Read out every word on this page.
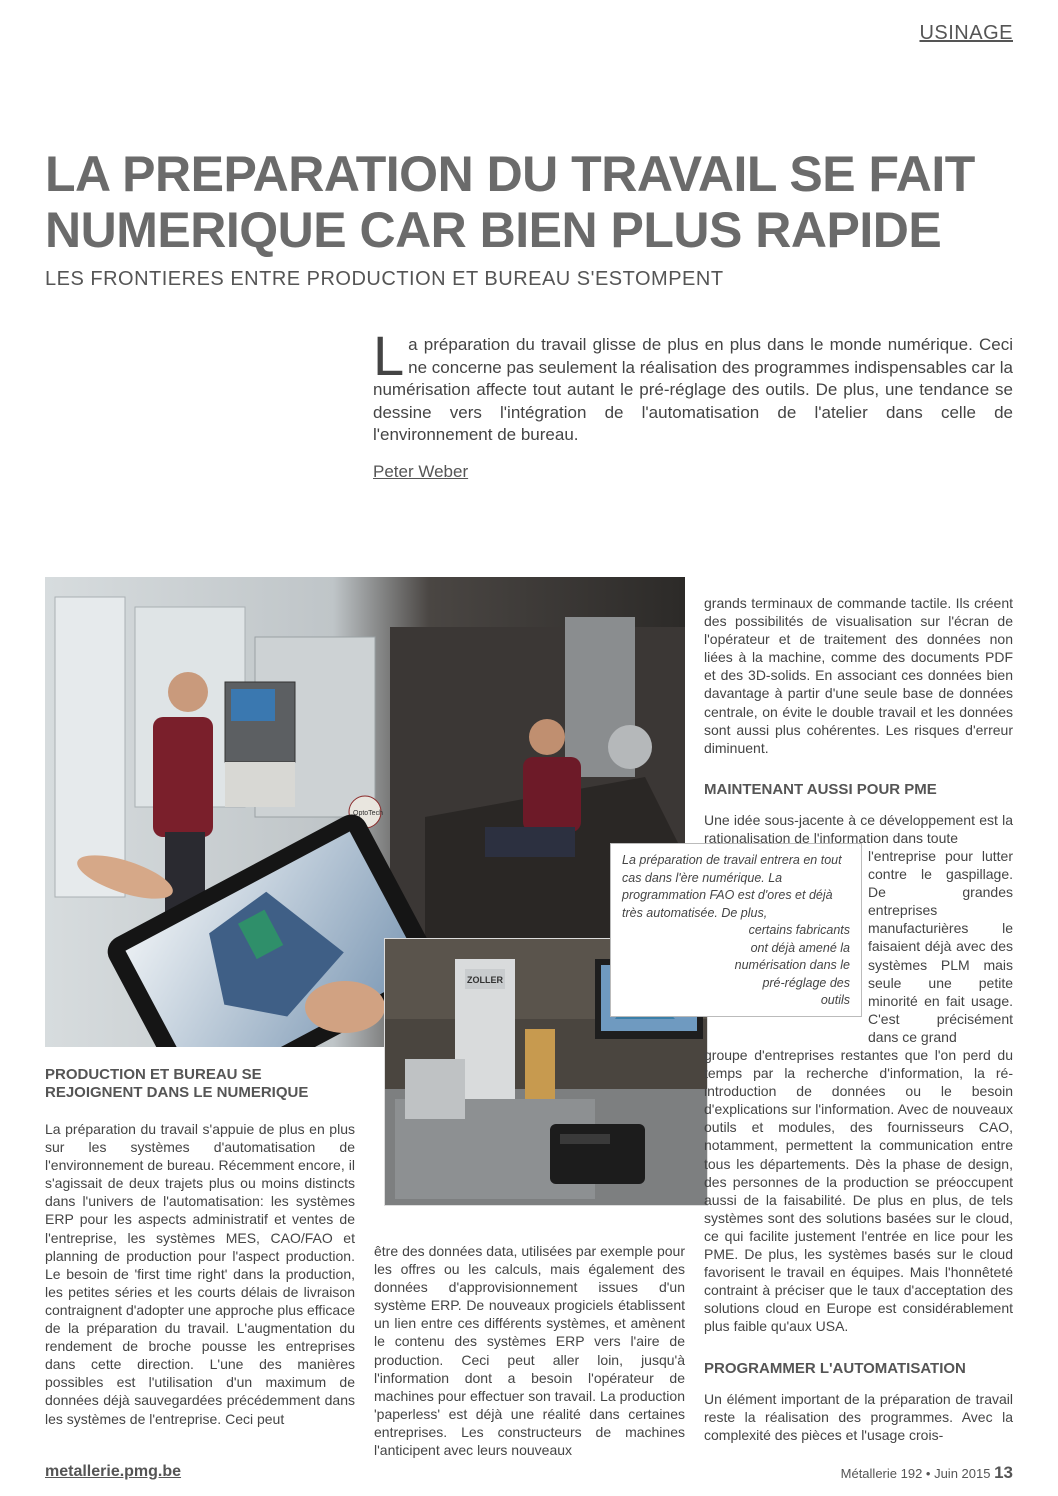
USINAGE
LA PREPARATION DU TRAVAIL SE FAIT
NUMERIQUE CAR BIEN PLUS RAPIDE
LES FRONTIERES ENTRE PRODUCTION ET BUREAU S'ESTOMPENT

La préparation du travail glisse de plus en plus dans le monde numérique. Ceci ne concerne pas seulement la réalisation des programmes indispensables car la numérisation affecte tout autant le pré-réglage des outils. De plus, une tendance se dessine vers l'intégration de l'automatisation de l'atelier dans celle de l'environnement de bureau.

Peter Weber
OptoTech
ZOLLER

La préparation de travail entrera en tout cas dans l'ère numérique. La programmation FAO est d'ores et déjà très automatisée. De plus,

certains fabricants ont déjà amené la numérisation dans le pré-réglage des outils

PRODUCTION ET BUREAU SE REJOIGNENT DANS LE NUMERIQUE

La préparation du travail s'appuie de plus en plus sur les systèmes d'automatisation de l'environnement de bureau. Récemment encore, il s'agissait de deux trajets plus ou moins distincts dans l'univers de l'automatisation: les systèmes ERP pour les aspects administratif et ventes de l'entreprise, les systèmes MES, CAO/FAO et planning de production pour l'aspect production. Le besoin de 'first time right' dans la production, les petites séries et les courts délais de livraison contraignent d'adopter une approche plus efficace de la préparation du travail. L'augmentation du rendement de broche pousse les entreprises dans cette direction. L'une des manières possibles est l'utilisation d'un maximum de données déjà sauvegardées précédemment dans les systèmes de l'entreprise. Ceci peut

être des données data, utilisées par exemple pour les offres ou les calculs, mais également des données d'approvisionnement issues d'un système ERP. De nouveaux progiciels établissent un lien entre ces différents systèmes, et amènent le contenu des systèmes ERP vers l'aire de production. Ceci peut aller loin, jusqu'à l'information dont a besoin l'opérateur de machines pour effectuer son travail. La production 'paperless' est déjà une réalité dans certaines entreprises. Les constructeurs de machines l'anticipent avec leurs nouveaux

grands terminaux de commande tactile. Ils créent des possibilités de visualisation sur l'écran de l'opérateur et de traitement des données non liées à la machine, comme des documents PDF et des 3D-solids. En associant ces données bien davantage à partir d'une seule base de données centrale, on évite le double travail et les données sont aussi plus cohérentes. Les risques d'erreur diminuent.

MAINTENANT AUSSI POUR PME

Une idée sous-jacente à ce développement est la rationalisation de l'information dans toute

l'entreprise pour lutter contre le gaspillage. De grandes entreprises manufacturières le faisaient déjà avec des systèmes PLM mais seule une petite minorité en fait usage. C'est précisément dans ce grand

groupe d'entreprises restantes que l'on perd du temps par la recherche d'information, la ré-introduction de données ou le besoin d'explications sur l'information. Avec de nouveaux outils et modules, des fournisseurs CAO, notamment, permettent la communication entre tous les départements. Dès la phase de design, des personnes de la production se préoccupent aussi de la faisabilité. De plus en plus, de tels systèmes sont des solutions basées sur le cloud, ce qui facilite justement l'entrée en lice pour les PME. De plus, les systèmes basés sur le cloud favorisent le travail en équipes. Mais l'honnêteté contraint à préciser que le taux d'acceptation des solutions cloud en Europe est considérablement plus faible qu'aux USA.

PROGRAMMER L'AUTOMATISATION

Un élément important de la préparation de travail reste la réalisation des programmes. Avec la complexité des pièces et l'usage crois-

metallerie.pmg.be	Métallerie 192 • Juin 2015 13
